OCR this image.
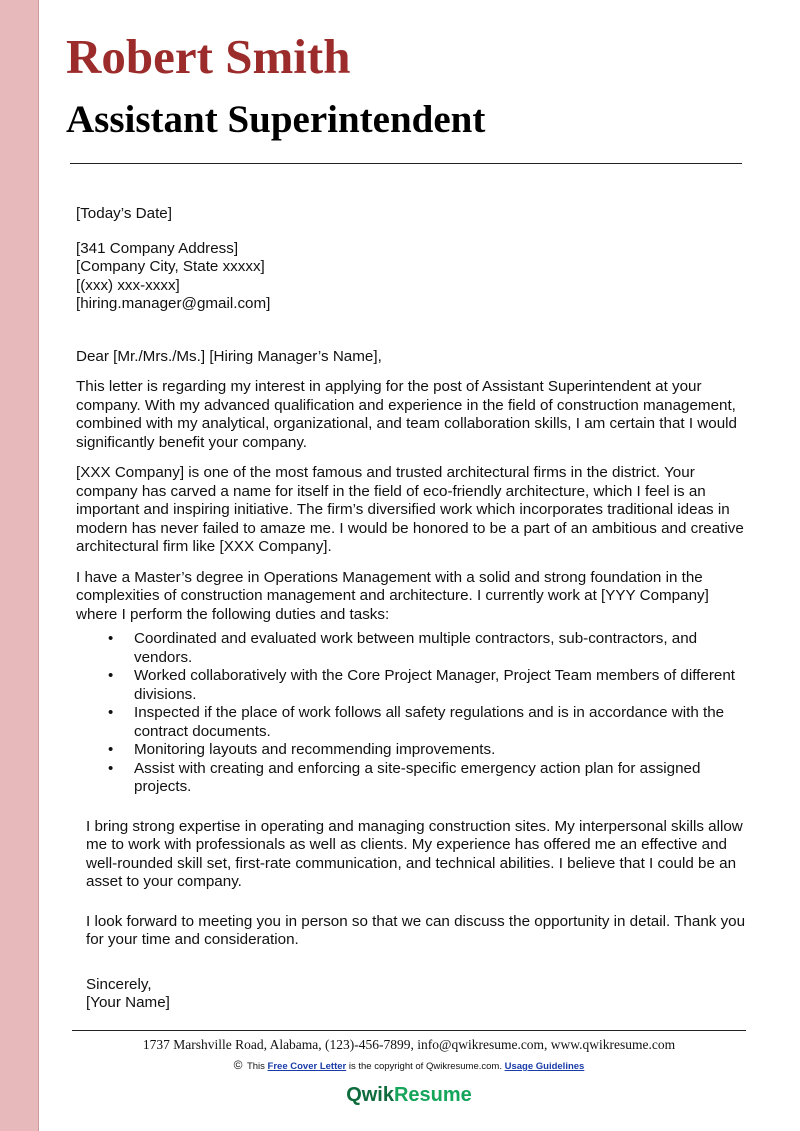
Robert Smith
Assistant Superintendent

[Today’s Date]

[341 Company Address]

[Company City, State xxxxx]

[(xxx) xxx-xxxx]

[hiring.manager@gmail.com]

Dear [Mr./Mrs./Ms.] [Hiring Manager’s Name],

This letter is regarding my interest in applying for the post of Assistant Superintendent at your company. With my advanced qualification and experience in the field of construction management, combined with my analytical, organizational, and team collaboration skills, I am certain that I would significantly benefit your company.

[XXX Company] is one of the most famous and trusted architectural firms in the district. Your company has carved a name for itself in the field of eco-friendly architecture, which I feel is an important and inspiring initiative. The firm’s diversified work which incorporates traditional ideas in modern has never failed to amaze me. I would be honored to be a part of an ambitious and creative architectural firm like [XXX Company].

I have a Master’s degree in Operations Management with a solid and strong foundation in the complexities of construction management and architecture. I currently work at [YYY Company] where I perform the following duties and tasks:

• Coordinated and evaluated work between multiple contractors, sub-contractors, and vendors.
• Worked collaboratively with the Core Project Manager, Project Team members of different divisions.
• Inspected if the place of work follows all safety regulations and is in accordance with the contract documents.
• Monitoring layouts and recommending improvements.
• Assist with creating and enforcing a site-specific emergency action plan for assigned projects.

I bring strong expertise in operating and managing construction sites. My interpersonal skills allow me to work with professionals as well as clients. My experience has offered me an effective and well-rounded skill set, first-rate communication, and technical abilities. I believe that I could be an asset to your company.

I look forward to meeting you in person so that we can discuss the opportunity in detail. Thank you for your time and consideration.

Sincerely,

[Your Name]

1737 Marshville Road, Alabama, (123)-456-7899, info@qwikresume.com, www.qwikresume.com
© This Free Cover Letter is the copyright of Qwikresume.com. Usage Guidelines
QwikResume
